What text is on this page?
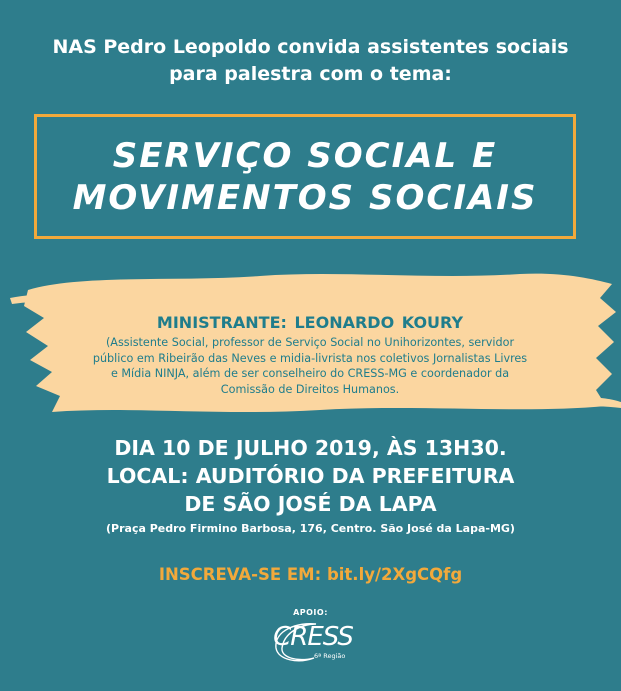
NAS Pedro Leopoldo convida assistentes sociais
para palestra com o tema:
SERVIÇO SOCIAL E
MOVIMENTOS SOCIAIS
MINISTRANTE: LEONARDO KOURY
(Assistente Social, professor de Serviço Social no Unihorizontes, servidor
público em Ribeirão das Neves e midia-livrista nos coletivos Jornalistas Livres
e Mídia NINJA, além de ser conselheiro do CRESS-MG e coordenador da
Comissão de Direitos Humanos.
DIA 10 DE JULHO 2019, ÀS 13H30.
LOCAL: AUDITÓRIO DA PREFEITURA
DE SÃO JOSÉ DA LAPA
(Praça Pedro Firmino Barbosa, 176, Centro. São José da Lapa-MG)
INSCREVA-SE EM: bit.ly/2XgCQfg
APOIO:
CRESS
6ª Região
